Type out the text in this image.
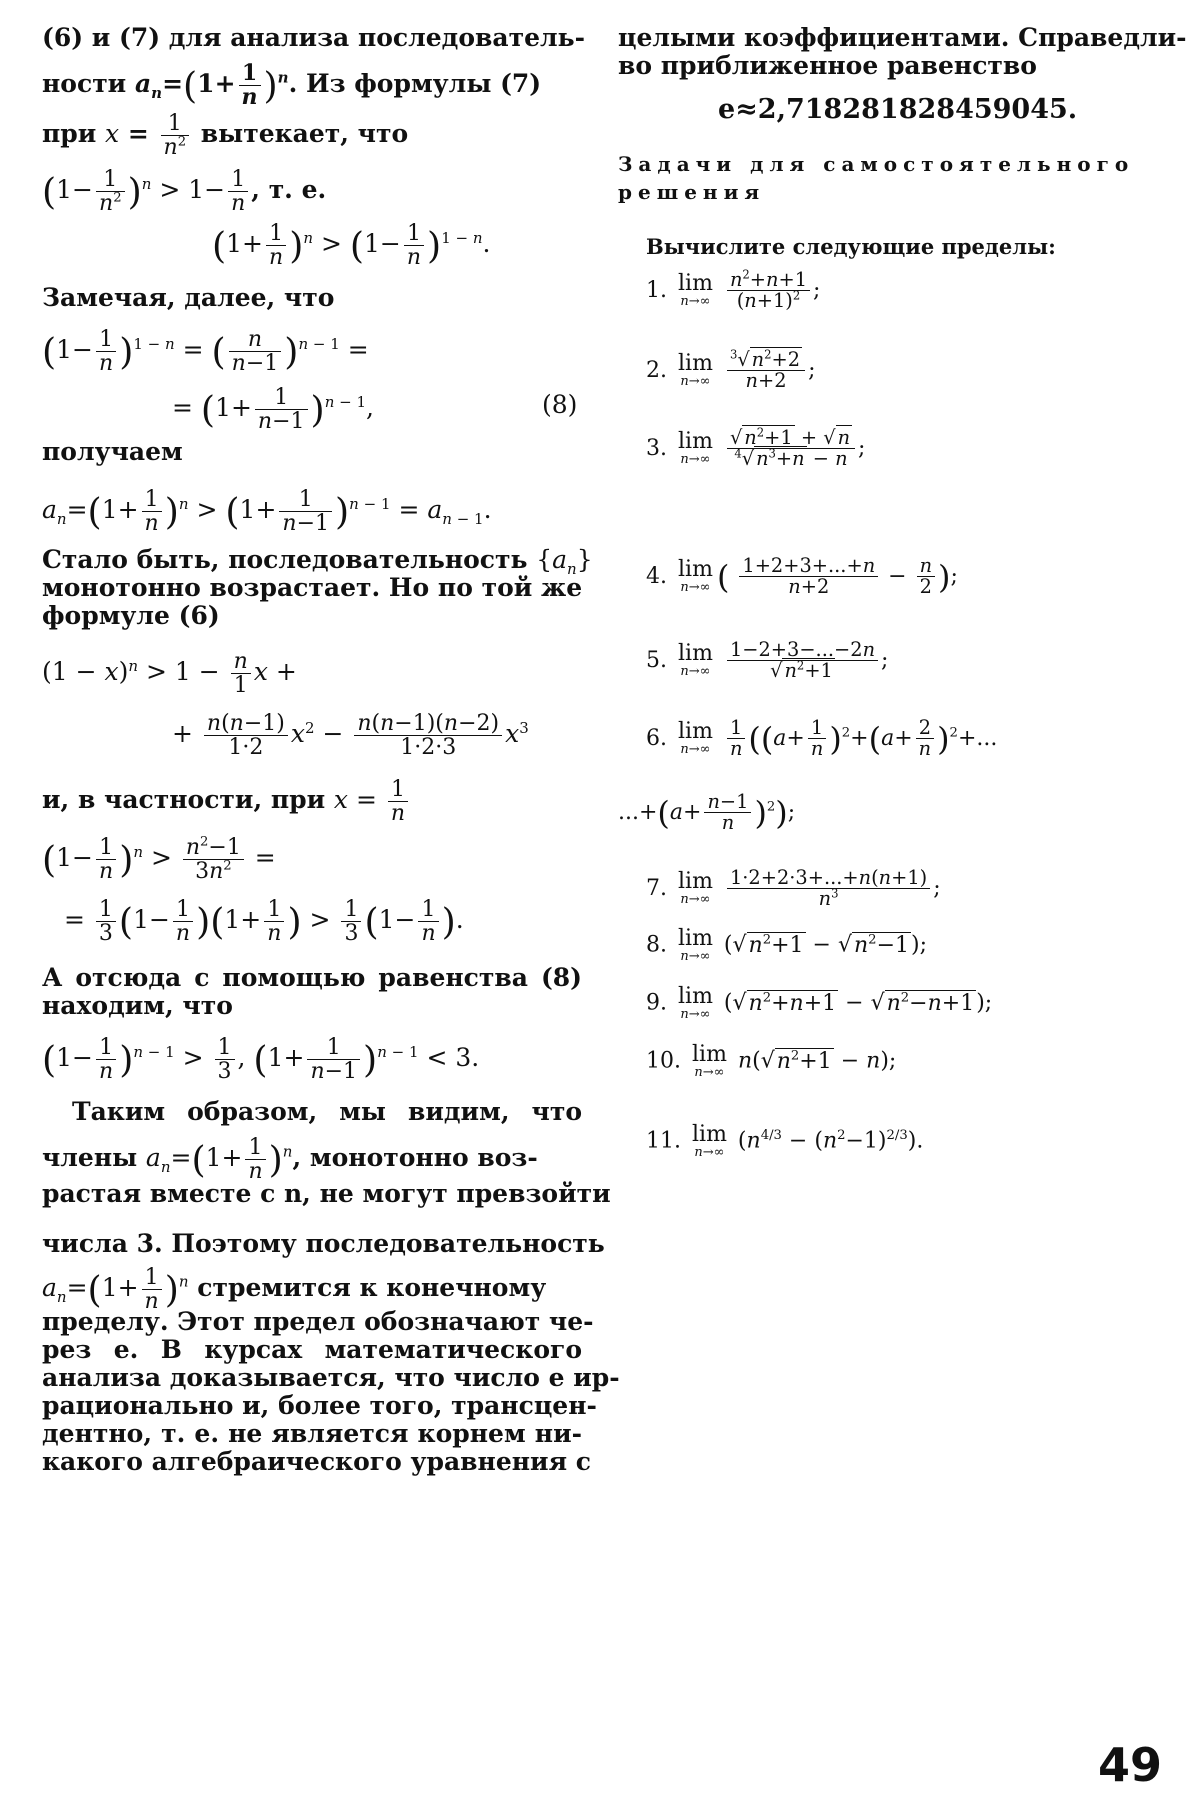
(6) и (7) для анализа последователь-
ности $a_n=(1+ \frac{1}{n} )^n$. Из формулы (7)
при $x = \frac{1}{n^2}$ вытекает, что
$(1- \frac{1}{n^2} )^n > 1- \frac{1}{n}$ , т. е.
$(1+ \frac{1}{n} )^n > (1- \frac{1}{n} )^{1 - n}$.
Замечая, далее, что
$(1- \frac{1}{n} )^{1 - n}$ = ( $\frac{n}{n-1} )^{n - 1}$ =
= $(1+ \frac{1}{n-1} )^{n - 1}$,	(8)
получаем
$a_n=(1+ \frac{1}{n} )^n > (1+ \frac{1}{n-1} )^{n - 1} = a_{n - 1}$.
Стало быть, последовательность $\{a_n\}$
монотонно возрастает. Но по той же
формуле (6)
$(1 - x)^n > 1 - \frac{n}{1}$ x +
+ $\frac{n(n-1)}{1\cdot 2} x^2 - \frac{n(n-1)(n-2)}{1\cdot 2\cdot 3} x^3$
и, в частности, при $x = \frac{1}{n}$
$(1- \frac{1}{n} )^n > \frac{n^2-1}{3n^2}$ =
= $\frac{1}{3} (1- \frac{1}{n} )(1+ \frac{1}{n}$ ) > $\frac{1}{3} (1- \frac{1}{n}$ ).
А отсюда с помощью равенства (8)
находим, что
$(1- \frac{1}{n} )^{n - 1} > \frac{1}{3}$ , $(1+ \frac{1}{n-1} )^{n - 1} < 3$.
Таким образом, мы видим, что
члены $a_n=(1+ \frac{1}{n} )^n$, монотонно воз-
растая вместе с n, не могут превзойти
числа 3. Поэтому последовательность
$a_n=(1+ \frac{1}{n} )^n$ стремится к конечному
пределу. Этот предел обозначают че-
рез e. В курсах математического
анализа доказывается, что число e ир-
рационально и, более того, трансцен-
дентно, т. е. не является корнем ни-
какого алгебраического уравнения с
целыми коэффициентами. Справедли-
во приближенное равенство
e≈2,718281828459045.
Задачи для самостоятельного решения
Вычислите следующие пределы:
1. lim
n→∞
$\frac{n^2+n+1}{(n+1)^2}$ ;
2. lim
n→∞
$\frac{^3√ n^2+2}{n+2}$ ;
3. lim
n→∞
$\frac{√ n^2+1 + √ n}{^4√ n^3+n - n}$ ;
4. lim
n→∞ ( $\frac{1+2+3+...+n}{n+2} - \frac{n}{2}$ );
5. lim
n→∞
$\frac{1-2+3-...-2n}{√ n^2+1}$ ;
6. lim
n→∞
$\frac{1}{n} ((a+ \frac{1}{n} )^2+(a+ \frac{2}{n} )^2+$...
$...+(a+ \frac{n-1}{n} )^2$);
7. lim
n→∞
$\frac{1\cdot 2+2\cdot 3+...+n(n+1)}{n^3}$ ;
8. lim
n→∞ $(√n^2+1 - √n^2-1)$;
9. lim
n→∞ $(√n^2+n+1 - √n^2-n+1)$;
10. lim
n→∞ $n(√n^2+1 - n)$;
11. lim
n→∞ $(n^{4/3} - (n^2-1)^{2/3})$.
49
